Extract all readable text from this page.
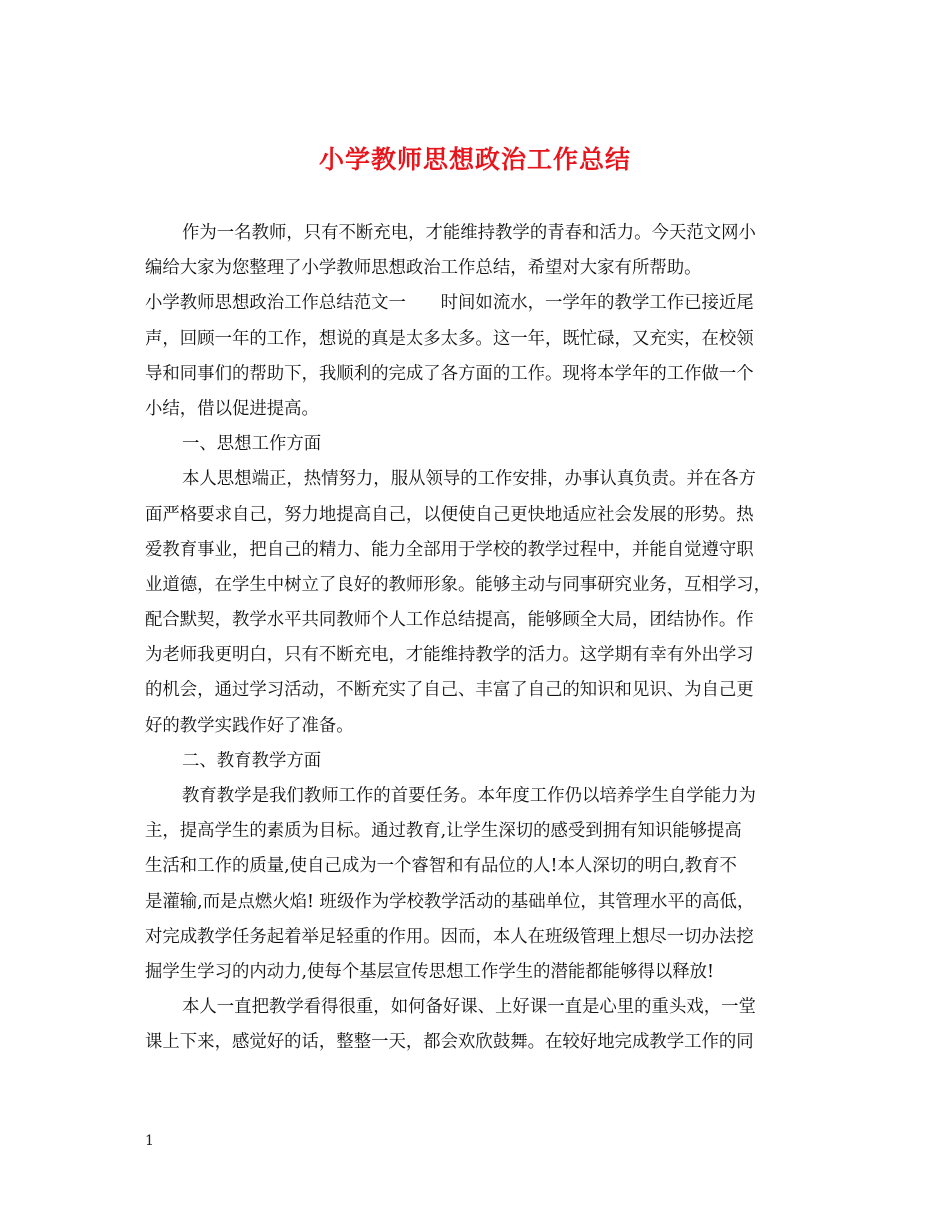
小学教师思想政治工作总结
作为一名教师，只有不断充电，才能维持教学的青春和活力。今天范文网小
编给大家为您整理了小学教师思想政治工作总结，希望对大家有所帮助。
小学教师思想政治工作总结范文一　　时间如流水，一学年的教学工作已接近尾
声，回顾一年的工作，想说的真是太多太多。这一年，既忙碌，又充实，在校领
导和同事们的帮助下，我顺利的完成了各方面的工作。现将本学年的工作做一个
小结，借以促进提高。
一、思想工作方面
本人思想端正，热情努力，服从领导的工作安排，办事认真负责。并在各方
面严格要求自己，努力地提高自己，以便使自己更快地适应社会发展的形势。热
爱教育事业，把自己的精力、能力全部用于学校的教学过程中，并能自觉遵守职
业道德，在学生中树立了良好的教师形象。能够主动与同事研究业务，互相学习，
配合默契，教学水平共同教师个人工作总结提高，能够顾全大局，团结协作。作
为老师我更明白，只有不断充电，才能维持教学的活力。这学期有幸有外出学习
的机会，通过学习活动，不断充实了自己、丰富了自己的知识和见识、为自己更
好的教学实践作好了准备。
二、教育教学方面
教育教学是我们教师工作的首要任务。本年度工作仍以培养学生自学能力为
主，提高学生的素质为目标。通过教育,让学生深切的感受到拥有知识能够提高
生活和工作的质量,使自己成为一个睿智和有品位的人!本人深切的明白,教育不
是灌输,而是点燃火焰! 班级作为学校教学活动的基础单位，其管理水平的高低，
对完成教学任务起着举足轻重的作用。因而，本人在班级管理上想尽一切办法挖
掘学生学习的内动力,使每个基层宣传思想工作学生的潜能都能够得以释放!
本人一直把教学看得很重，如何备好课、上好课一直是心里的重头戏，一堂
课上下来，感觉好的话，整整一天，都会欢欣鼓舞。在较好地完成教学工作的同
1
